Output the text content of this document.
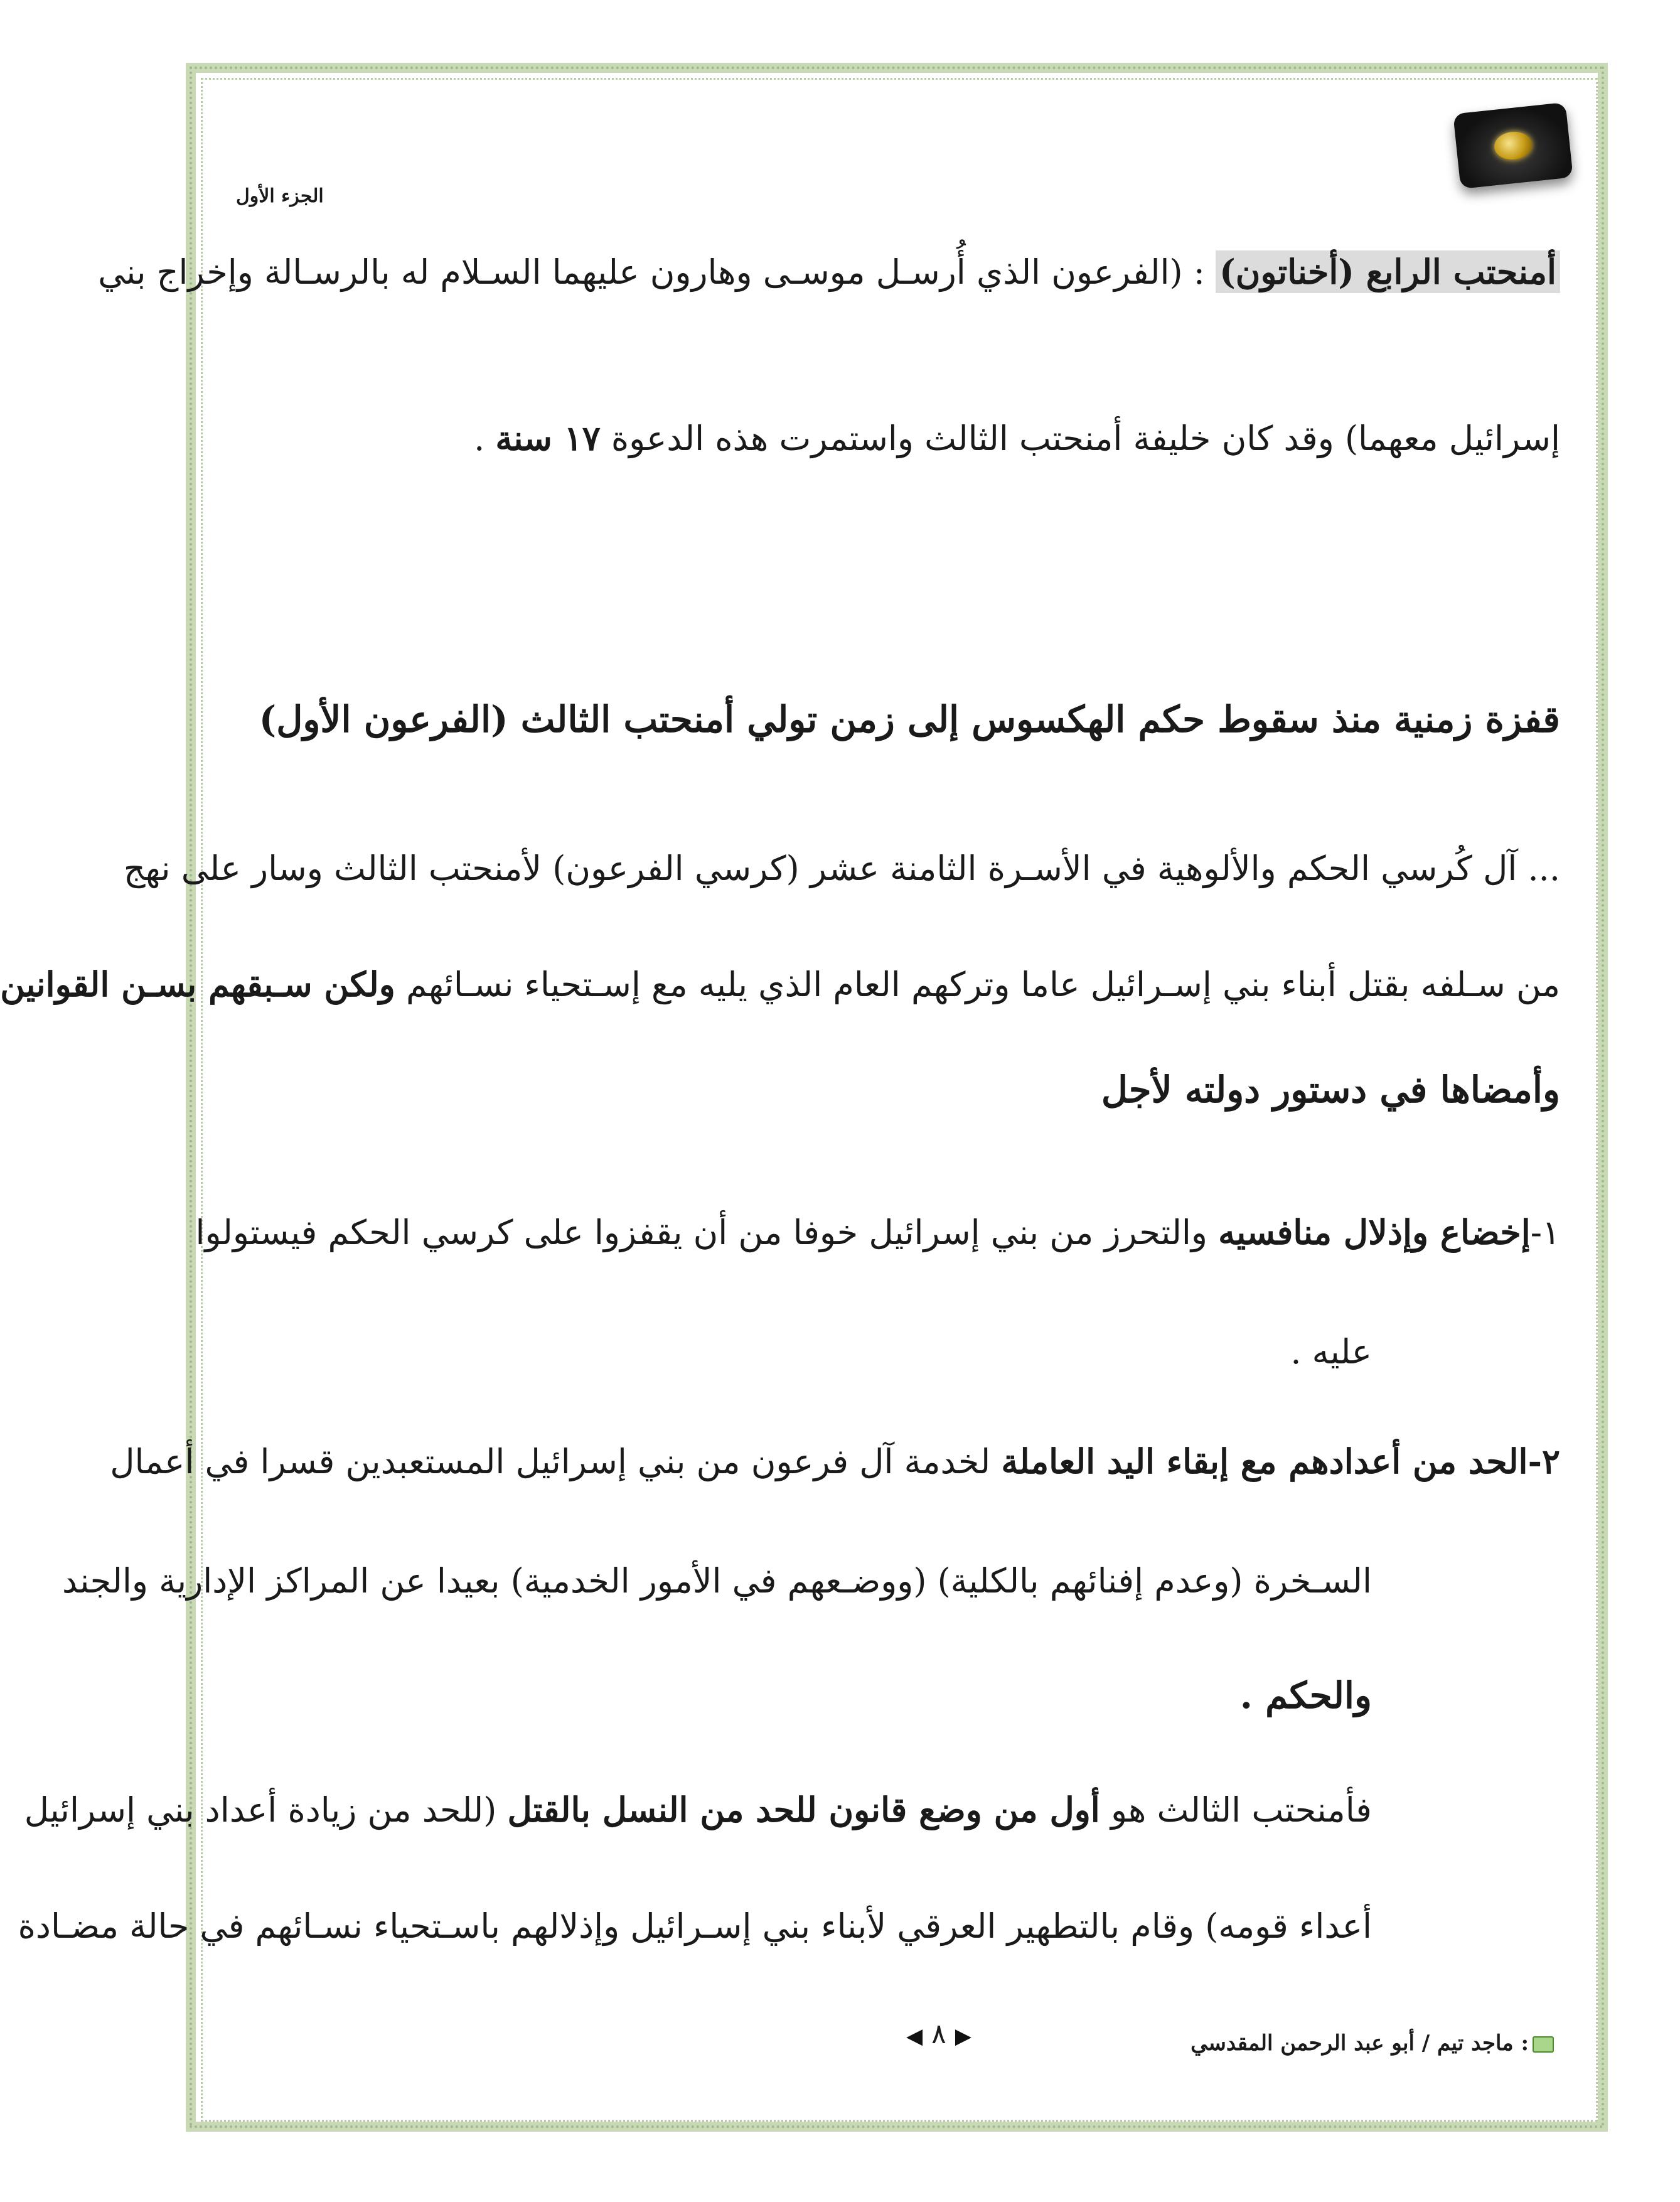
الجزء الأول
أمنحتب الرابع (أخناتون) : (الفرعون الذي أُرسـل موسـى وهارون عليهما السـلام له بالرسـالة وإخراج بني
إسرائيل معهما) وقد كان خليفة أمنحتب الثالث واستمرت هذه الدعوة ١٧ سنة .
قفزة زمنية منذ سقوط حكم الهكسوس إلى زمن تولي أمنحتب الثالث (الفرعون الأول)
... آل كُرسي الحكم والألوهية في الأسـرة الثامنة عشر (كرسي الفرعون) لأمنحتب الثالث وسار على نهج
من سـلفه بقتل أبناء بني إسـرائيل عاما وتركهم العام الذي يليه مع إسـتحياء نسـائهم ولكن سـبقهم بسـن القوانين
وأمضاها في دستور دولته لأجل
١-إخضاع وإذلال منافسيه والتحرز من بني إسرائيل خوفا من أن يقفزوا على كرسي الحكم فيستولوا
عليه .
٢-الحد من أعدادهم مع إبقاء اليد العاملة لخدمة آل فرعون من بني إسرائيل المستعبدين قسرا في أعمال
السـخرة (وعدم إفنائهم بالكلية) (ووضـعهم في الأمور الخدمية) بعيدا عن المراكز الإدارية والجند
والحكم .
فأمنحتب الثالث هو أول من وضع قانون للحد من النسل بالقتل (للحد من زيادة أعداد بني إسرائيل
أعداء قومه) وقام بالتطهير العرقي لأبناء بني إسـرائيل وإذلالهم باسـتحياء نسـائهم في حالة مضـادة
◀ ٨ ▶	: ماجد تيم / أبو عبد الرحمن المقدسي
